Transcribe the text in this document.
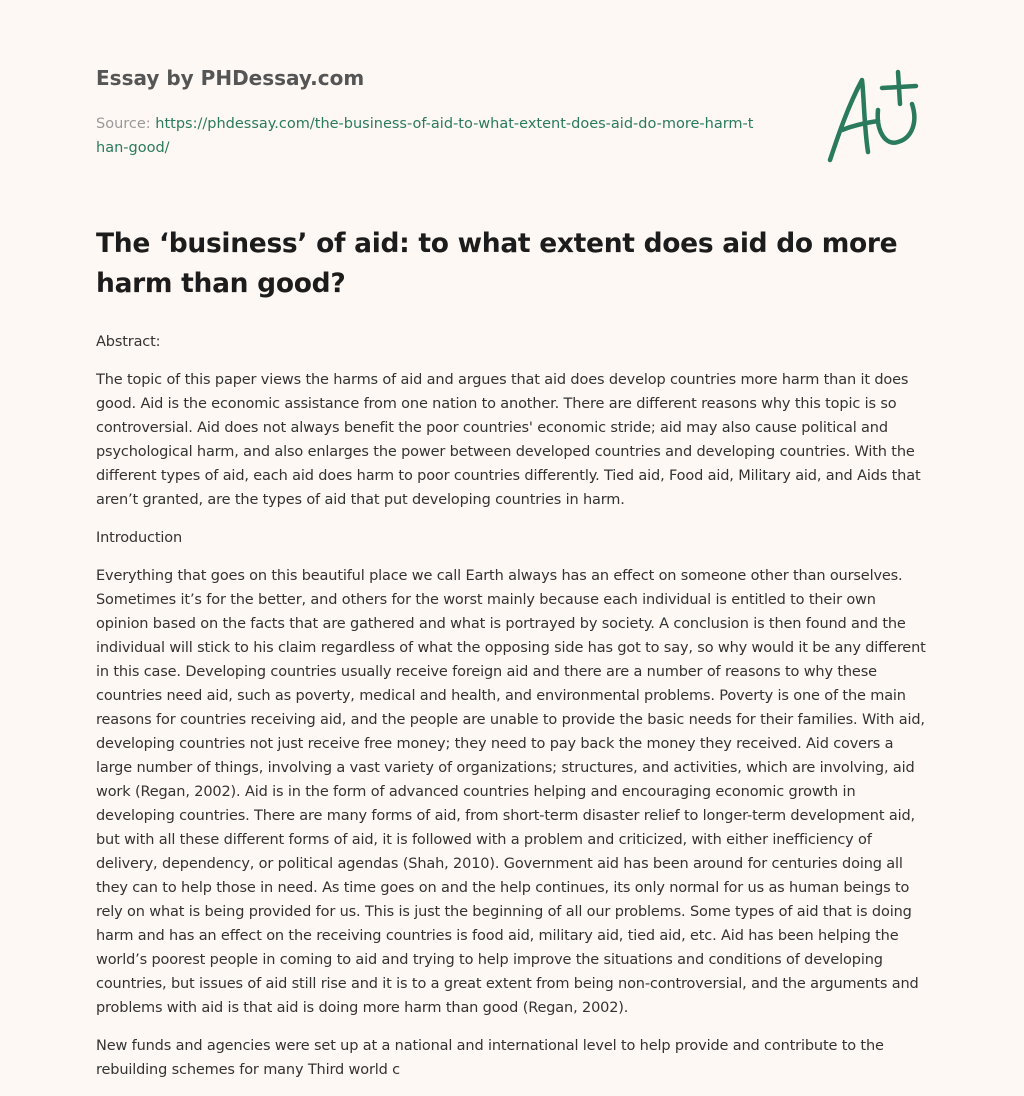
Essay by PHDessay.com
Source: https://phdessay.com/the-business-of-aid-to-what-extent-does-aid-do-more-harm-than-good/
The ‘business’ of aid: to what extent does aid do more harm than good?

Abstract:

The topic of this paper views the harms of aid and argues that aid does develop countries more harm than it does good. Aid is the economic assistance from one nation to another. There are different reasons why this topic is so controversial. Aid does not always benefit the poor countries' economic stride; aid may also cause political and psychological harm, and also enlarges the power between developed countries and developing countries. With the different types of aid, each aid does harm to poor countries differently. Tied aid, Food aid, Military aid, and Aids that aren’t granted, are the types of aid that put developing countries in harm.

Introduction

Everything that goes on this beautiful place we call Earth always has an effect on someone other than ourselves. Sometimes it’s for the better, and others for the worst mainly because each individual is entitled to their own opinion based on the facts that are gathered and what is portrayed by society. A conclusion is then found and the individual will stick to his claim regardless of what the opposing side has got to say, so why would it be any different in this case. Developing countries usually receive foreign aid and there are a number of reasons to why these countries need aid, such as poverty, medical and health, and environmental problems. Poverty is one of the main reasons for countries receiving aid, and the people are unable to provide the basic needs for their families. With aid, developing countries not just receive free money; they need to pay back the money they received. Aid covers a large number of things, involving a vast variety of organizations; structures, and activities, which are involving, aid work (Regan, 2002). Aid is in the form of advanced countries helping and encouraging economic growth in developing countries. There are many forms of aid, from short-term disaster relief to longer-term development aid, but with all these different forms of aid, it is followed with a problem and criticized, with either inefficiency of delivery, dependency, or political agendas (Shah, 2010). Government aid has been around for centuries doing all they can to help those in need. As time goes on and the help continues, its only normal for us as human beings to rely on what is being provided for us. This is just the beginning of all our problems. Some types of aid that is doing harm and has an effect on the receiving countries is food aid, military aid, tied aid, etc. Aid has been helping the world’s poorest people in coming to aid and trying to help improve the situations and conditions of developing countries, but issues of aid still rise and it is to a great extent from being non-controversial, and the arguments and problems with aid is that aid is doing more harm than good (Regan, 2002).

New funds and agencies were set up at a national and international level to help provide and contribute to the rebuilding schemes for many Third world c
